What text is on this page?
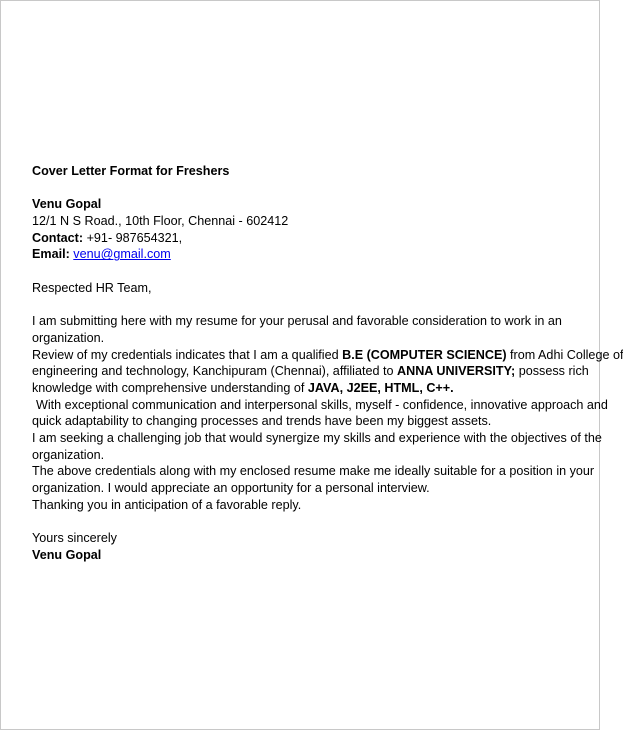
Cover Letter Format for Freshers
Venu Gopal
12/1 N S Road., 10th Floor, Chennai - 602412
Contact: +91- 987654321,
Email: venu@gmail.com
Respected HR Team,
I am submitting here with my resume for your perusal and favorable consideration to work in an
organization.
Review of my credentials indicates that I am a qualified B.E (COMPUTER SCIENCE) from Adhi College of
engineering and technology, Kanchipuram (Chennai), affiliated to ANNA UNIVERSITY; possess rich
knowledge with comprehensive understanding of JAVA, J2EE, HTML, C++.
With exceptional communication and interpersonal skills, myself - confidence, innovative approach and
quick adaptability to changing processes and trends have been my biggest assets.
I am seeking a challenging job that would synergize my skills and experience with the objectives of the
organization.
The above credentials along with my enclosed resume make me ideally suitable for a position in your
organization. I would appreciate an opportunity for a personal interview.
Thanking you in anticipation of a favorable reply.
Yours sincerely
Venu Gopal
